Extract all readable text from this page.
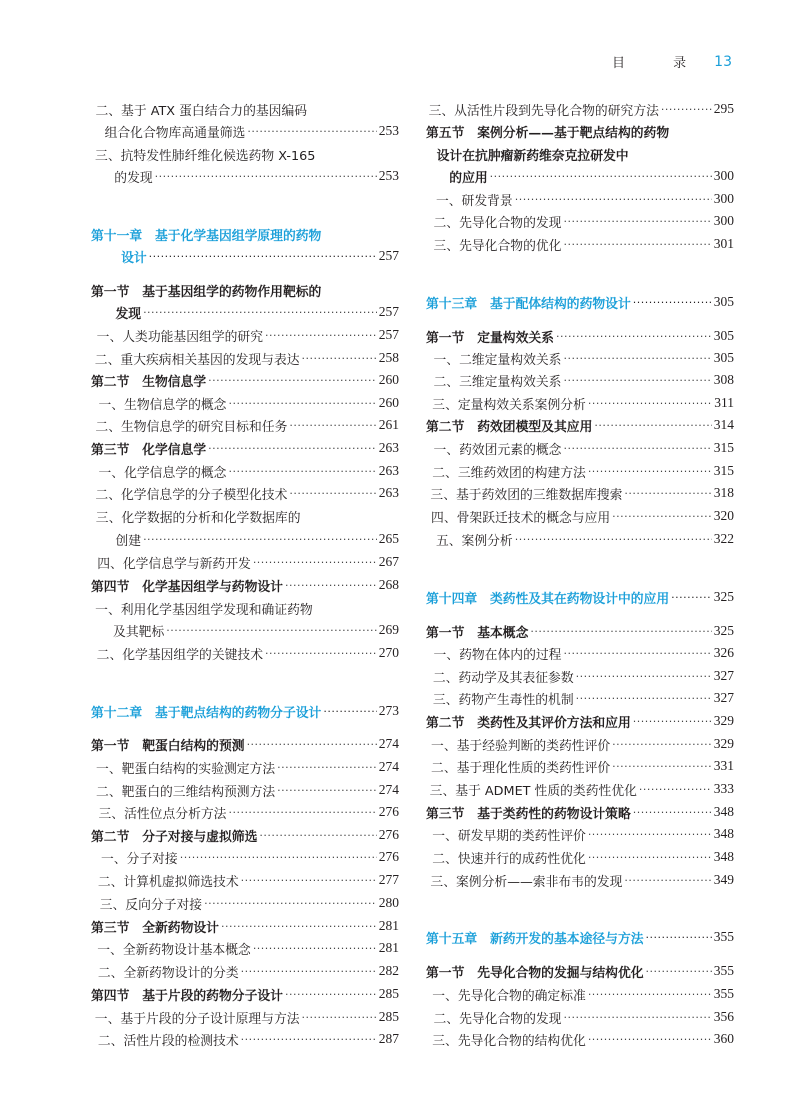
目 录 13
二、基于 ATX 蛋白结合力的基因编码
组合化合物库高通量筛选 ·····	253
三、抗特发性肺纤维化候选药物 X-165
的发现 ·····	253
第十一章　基于化学基因组学原理的药物
设计 ·····	257
第一节　基于基因组学的药物作用靶标的
发现 ·····	257
一、人类功能基因组学的研究 ·····	257
二、重大疾病相关基因的发现与表达 ·····	258
第二节　生物信息学 ·····	260
一、生物信息学的概念 ·····	260
二、生物信息学的研究目标和任务 ·····	261
第三节　化学信息学 ·····	263
一、化学信息学的概念 ·····	263
二、化学信息学的分子模型化技术 ·····	263
三、化学数据的分析和化学数据库的
创建 ·····	265
四、化学信息学与新药开发 ·····	267
第四节　化学基因组学与药物设计 ·····	268
一、利用化学基因组学发现和确证药物
及其靶标 ·····	269
二、化学基因组学的关键技术 ·····	270
第十二章　基于靶点结构的药物分子设计 ·····	273
第一节　靶蛋白结构的预测 ·····	274
一、靶蛋白结构的实验测定方法 ·····	274
二、靶蛋白的三维结构预测方法 ·····	274
三、活性位点分析方法 ·····	276
第二节　分子对接与虚拟筛选 ·····	276
一、分子对接 ·····	276
二、计算机虚拟筛选技术 ·····	277
三、反向分子对接 ·····	280
第三节　全新药物设计 ·····	281
一、全新药物设计基本概念 ·····	281
二、全新药物设计的分类 ·····	282
第四节　基于片段的药物分子设计 ·····	285
一、基于片段的分子设计原理与方法 ·····	285
二、活性片段的检测技术 ·····	287
三、从活性片段到先导化合物的研究方法 ·····	295
第五节　案例分析——基于靶点结构的药物
设计在抗肿瘤新药维奈克拉研发中
的应用 ·····	300
一、研发背景 ·····	300
二、先导化合物的发现 ·····	300
三、先导化合物的优化 ·····	301
第十三章　基于配体结构的药物设计 ·····	305
第一节　定量构效关系 ·····	305
一、二维定量构效关系 ·····	305
二、三维定量构效关系 ·····	308
三、定量构效关系案例分析 ·····	311
第二节　药效团模型及其应用 ·····	314
一、药效团元素的概念 ·····	315
二、三维药效团的构建方法 ·····	315
三、基于药效团的三维数据库搜索 ·····	318
四、骨架跃迁技术的概念与应用 ·····	320
五、案例分析 ·····	322
第十四章　类药性及其在药物设计中的应用 ·····	325
第一节　基本概念 ·····	325
一、药物在体内的过程 ·····	326
二、药动学及其表征参数 ·····	327
三、药物产生毒性的机制 ·····	327
第二节　类药性及其评价方法和应用 ·····	329
一、基于经验判断的类药性评价 ·····	329
二、基于理化性质的类药性评价 ·····	331
三、基于 ADMET 性质的类药性优化 ·····	333
第三节　基于类药性的药物设计策略 ·····	348
一、研发早期的类药性评价 ·····	348
二、快速并行的成药性优化 ·····	348
三、案例分析——索非布韦的发现 ·····	349
第十五章　新药开发的基本途径与方法 ·····	355
第一节　先导化合物的发掘与结构优化 ·····	355
一、先导化合物的确定标准 ·····	355
二、先导化合物的发现 ·····	356
三、先导化合物的结构优化 ·····	360
